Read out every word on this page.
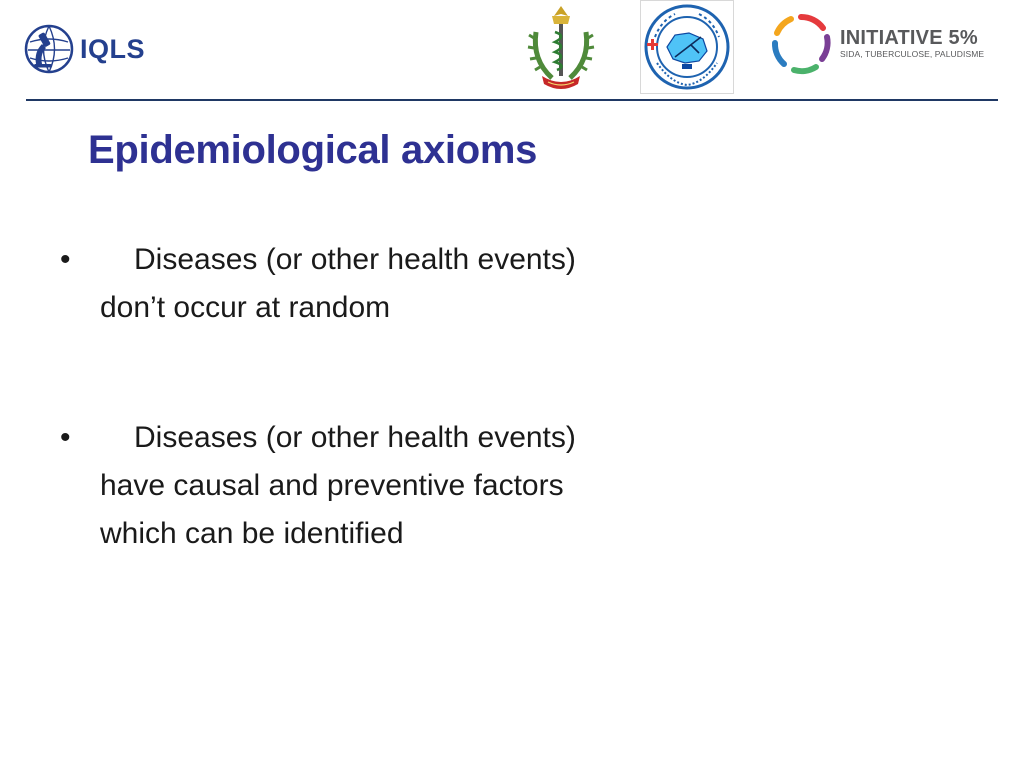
IQLS	INITIATIVE 5%
SIDA, TUBERCULOSE, PALUDISME
Epidemiological axioms
•	Diseases (or other health events)
don’t occur at random
•	Diseases (or other health events)
have causal and preventive factors
which can be identified
